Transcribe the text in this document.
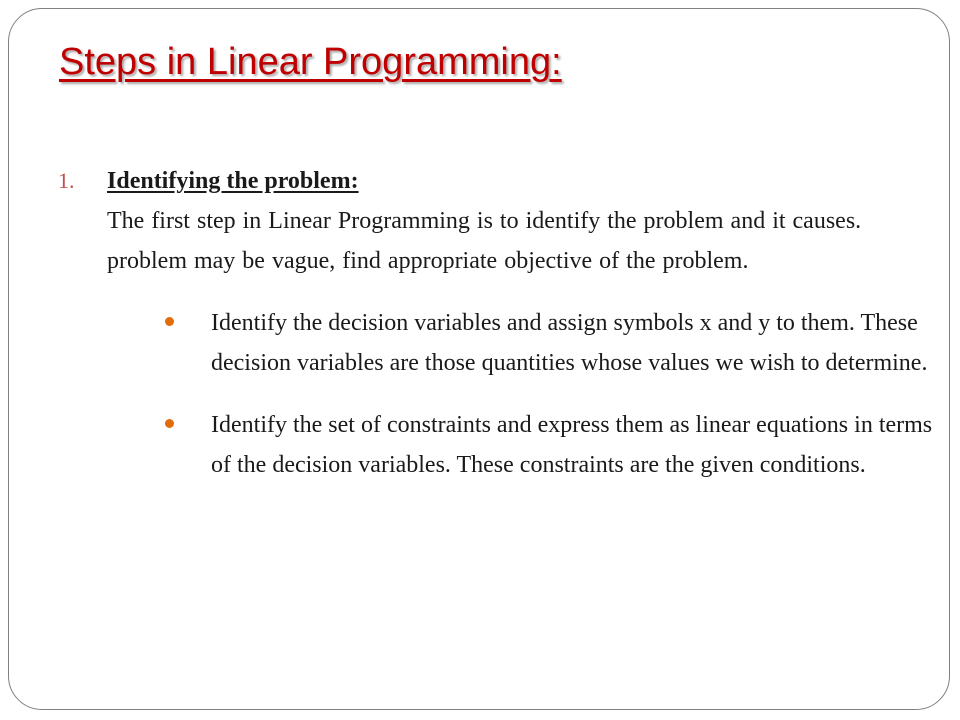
Steps in Linear Programming:
1. Identifying the problem:
The first step in Linear Programming is to identify the problem and it causes. problem may be vague, find appropriate objective of the problem.
Identify the decision variables and assign symbols x and y to them. These decision variables are those quantities whose values we wish to determine.
Identify the set of constraints and express them as linear equations in terms of the decision variables. These constraints are the given conditions.
